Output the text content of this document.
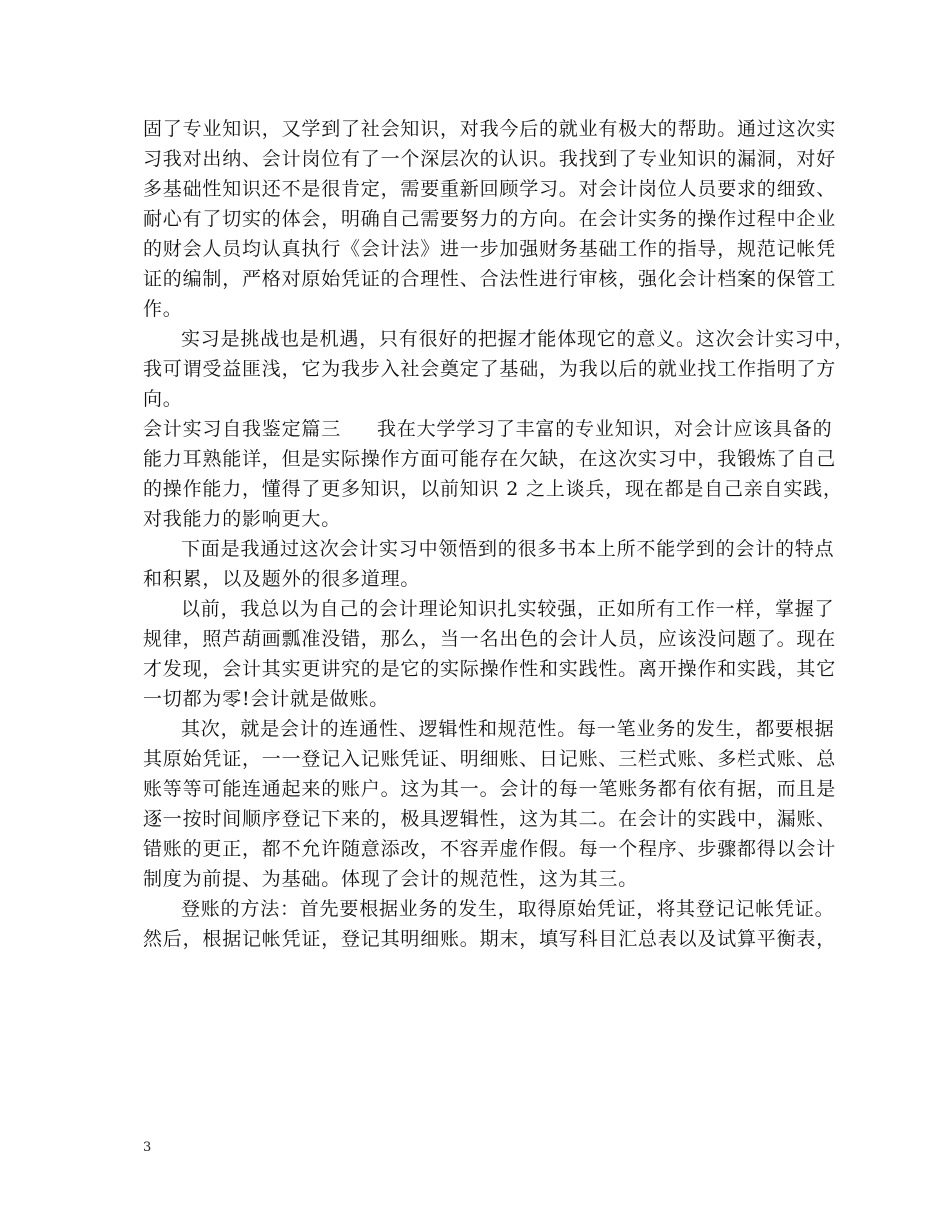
固了专业知识，又学到了社会知识，对我今后的就业有极大的帮助。通过这次实
习我对出纳、会计岗位有了一个深层次的认识。我找到了专业知识的漏洞，对好
多基础性知识还不是很肯定，需要重新回顾学习。对会计岗位人员要求的细致、
耐心有了切实的体会，明确自己需要努力的方向。在会计实务的操作过程中企业
的财会人员均认真执行《会计法》进一步加强财务基础工作的指导，规范记帐凭
证的编制，严格对原始凭证的合理性、合法性进行审核，强化会计档案的保管工
作。
实习是挑战也是机遇，只有很好的把握才能体现它的意义。这次会计实习中，
我可谓受益匪浅，它为我步入社会奠定了基础，为我以后的就业找工作指明了方
向。
会计实习自我鉴定篇三 我在大学学习了丰富的专业知识，对会计应该具备的
能力耳熟能详，但是实际操作方面可能存在欠缺，在这次实习中，我锻炼了自己
的操作能力，懂得了更多知识，以前知识 2 之上谈兵，现在都是自己亲自实践，
对我能力的影响更大。
下面是我通过这次会计实习中领悟到的很多书本上所不能学到的会计的特点
和积累，以及题外的很多道理。
以前，我总以为自己的会计理论知识扎实较强，正如所有工作一样，掌握了
规律，照芦葫画瓢准没错，那么，当一名出色的会计人员，应该没问题了。现在
才发现，会计其实更讲究的是它的实际操作性和实践性。离开操作和实践，其它
一切都为零!会计就是做账。
其次，就是会计的连通性、逻辑性和规范性。每一笔业务的发生，都要根据
其原始凭证，一一登记入记账凭证、明细账、日记账、三栏式账、多栏式账、总
账等等可能连通起来的账户。这为其一。会计的每一笔账务都有依有据，而且是
逐一按时间顺序登记下来的，极具逻辑性，这为其二。在会计的实践中，漏账、
错账的更正，都不允许随意添改，不容弄虚作假。每一个程序、步骤都得以会计
制度为前提、为基础。体现了会计的规范性，这为其三。
登账的方法：首先要根据业务的发生，取得原始凭证，将其登记记帐凭证。
然后，根据记帐凭证，登记其明细账。期末，填写科目汇总表以及试算平衡表，
3
